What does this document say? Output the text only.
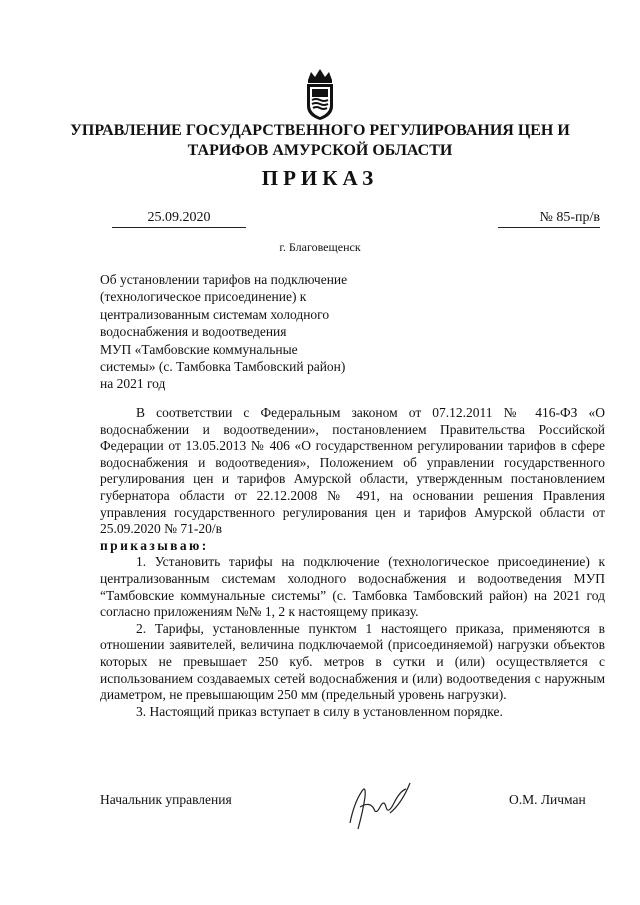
УПРАВЛЕНИЕ ГОСУДАРСТВЕННОГО РЕГУЛИРОВАНИЯ ЦЕН И
ТАРИФОВ АМУРСКОЙ ОБЛАСТИ
ПРИКАЗ
25.09.2020	№ 85-пр/в
г. Благовещенск
Об установлении тарифов на подключение
(технологическое присоединение) к
централизованным системам холодного
водоснабжения и водоотведения
МУП «Тамбовские коммунальные
системы» (с. Тамбовка Тамбовский район)
на 2021 год

В соответствии с Федеральным законом от 07.12.2011 № 416-ФЗ «О водоснабжении и водоотведении», постановлением Правительства Российской Федерации от 13.05.2013 № 406 «О государственном регулировании тарифов в сфере водоснабжения и водоотведения», Положением об управлении государственного регулирования цен и тарифов Амурской области, утвержденным постановлением губернатора области от 22.12.2008 № 491, на основании решения Правления управления государственного регулирования цен и тарифов Амурской области от 25.09.2020 № 71-20/в

приказываю:

1. Установить тарифы на подключение (технологическое присоединение) к централизованным системам холодного водоснабжения и водоотведения МУП “Тамбовские коммунальные системы” (с. Тамбовка Тамбовский район) на 2021 год согласно приложениям №№ 1, 2 к настоящему приказу.

2. Тарифы, установленные пунктом 1 настоящего приказа, применяются в отношении заявителей, величина подключаемой (присоединяемой) нагрузки объектов которых не превышает 250 куб. метров в сутки и (или) осуществляется с использованием создаваемых сетей водоснабжения и (или) водоотведения с наружным диаметром, не превышающим 250 мм (предельный уровень нагрузки).

3. Настоящий приказ вступает в силу в установленном порядке.

Начальник управления	О.М. Личман
